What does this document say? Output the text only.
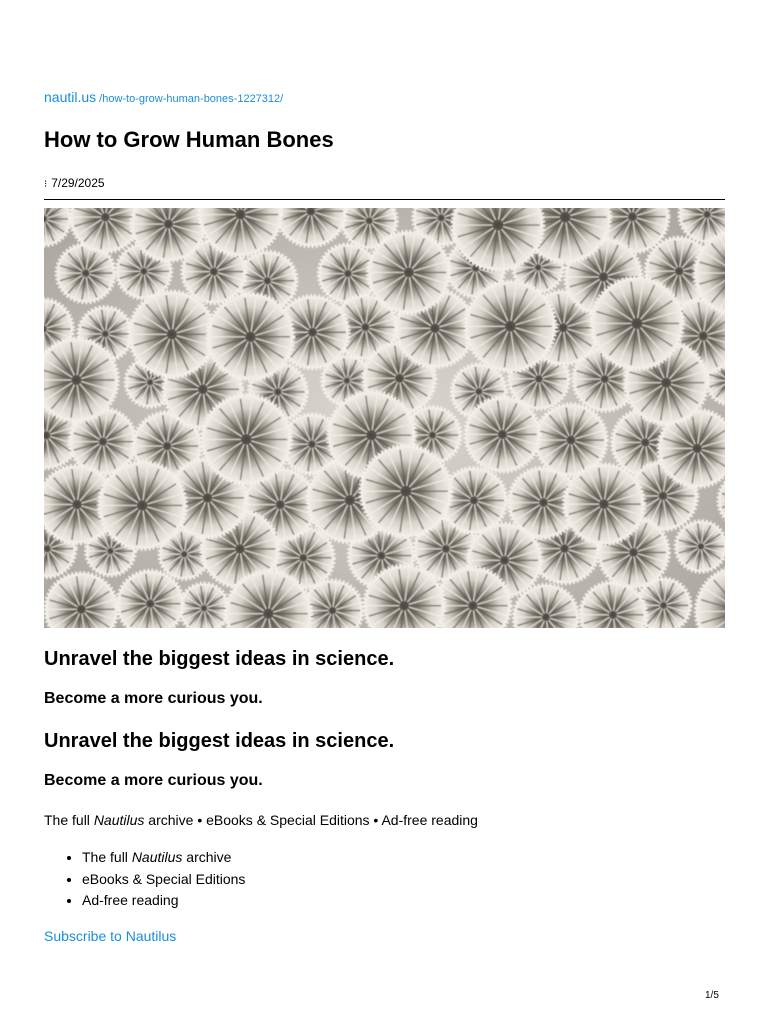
nautil.us /how-to-grow-human-bones-1227312/
How to Grow Human Bones
⁝ 7/29/2025
Unravel the biggest ideas in science.
Become a more curious you.
Unravel the biggest ideas in science.
Become a more curious you.
The full Nautilus archive • eBooks & Special Editions • Ad-free reading
• The full Nautilus archive
• eBooks & Special Editions
• Ad-free reading
Subscribe to Nautilus
1/5
